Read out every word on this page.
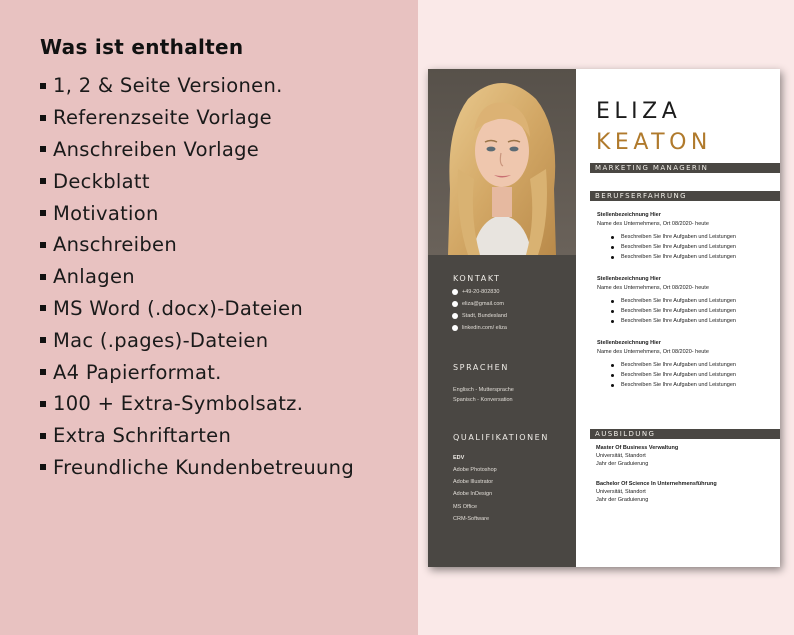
Was ist enthalten
1, 2 & Seite Versionen.
Referenzseite Vorlage
Anschreiben Vorlage
Deckblatt
Motivation
Anschreiben
Anlagen
MS Word (.docx)-Dateien
Mac (.pages)-Dateien
A4 Papierformat.
100 + Extra-Symbolsatz.
Extra Schriftarten
Freundliche Kundenbetreuung
KONTAKT
+49-20-802830
eliza@gmail.com
Stadt, Bundesland
linkedin.com/ eliza
SPRACHEN
Englisch - Muttersprache
Spanisch - Konversation
QUALIFIKATIONEN
EDV
Adobe Photoshop
Adobe Illustrator
Adobe InDesign
MS Office
CRM-Software
ELIZA
KEATON
MARKETING MANAGERIN
BERUFSERFAHRUNG
Stellenbezeichnung Hier
Name des Unternehmens, Ort 08/2020- heute
Beschreiben Sie Ihre Aufgaben und Leistungen
Beschreiben Sie Ihre Aufgaben und Leistungen
Beschreiben Sie Ihre Aufgaben und Leistungen
Stellenbezeichnung Hier
Name des Unternehmens, Ort 08/2020- heute
Beschreiben Sie Ihre Aufgaben und Leistungen
Beschreiben Sie Ihre Aufgaben und Leistungen
Beschreiben Sie Ihre Aufgaben und Leistungen
Stellenbezeichnung Hier
Name des Unternehmens, Ort 08/2020- heute
Beschreiben Sie Ihre Aufgaben und Leistungen
Beschreiben Sie Ihre Aufgaben und Leistungen
Beschreiben Sie Ihre Aufgaben und Leistungen
AUSBILDUNG
Master Of Business Verwaltung
Universität, Standort
Jahr der Graduierung
Bachelor Of Science In Unternehmensführung
Universität, Standort
Jahr der Graduierung
